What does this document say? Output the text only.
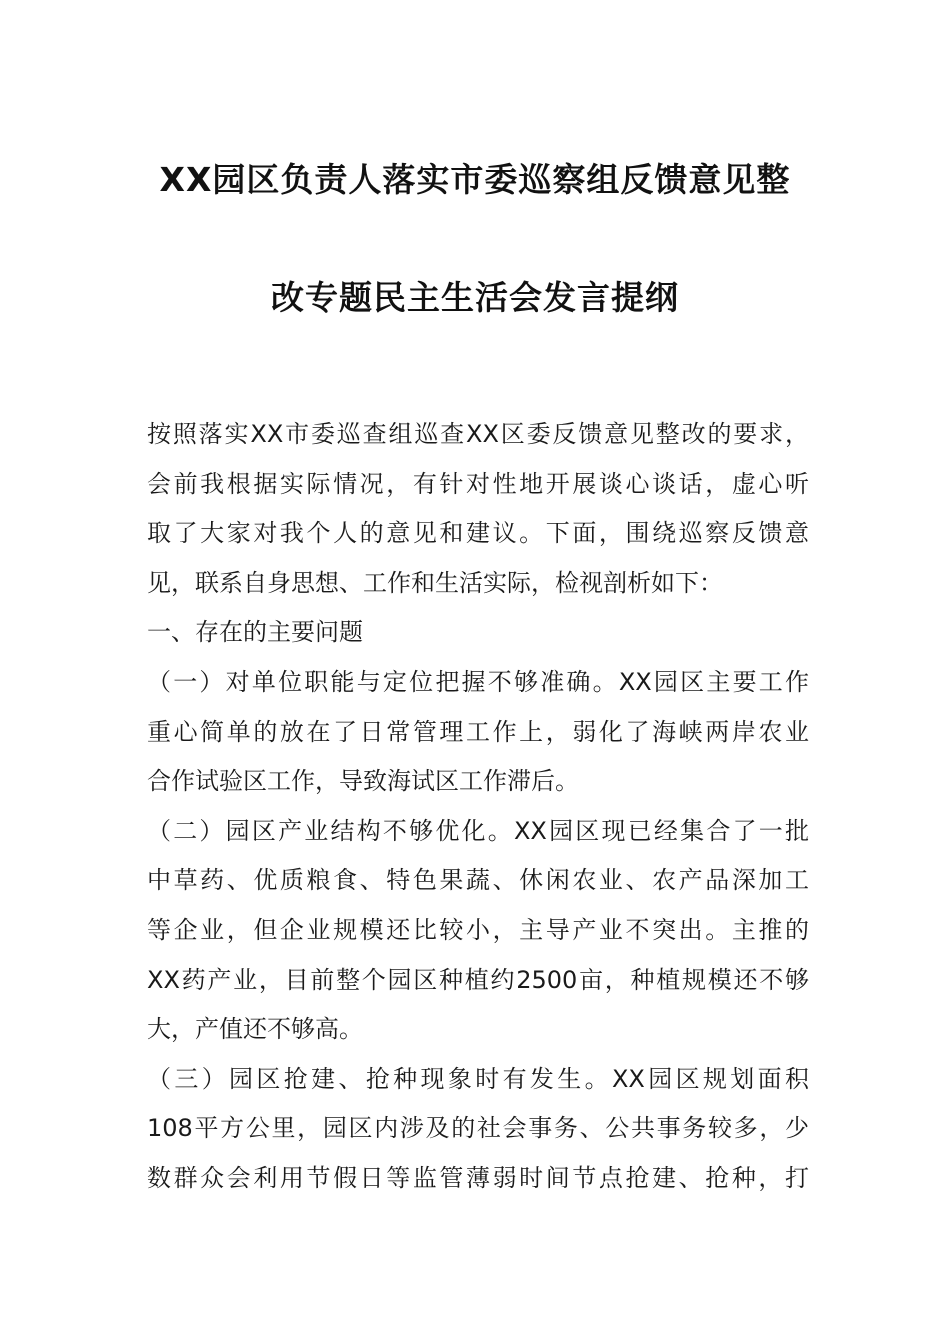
XX园区负责人落实市委巡察组反馈意见整
改专题民主生活会发言提纲
按照落实XX市委巡查组巡查XX区委反馈意见整改的要求，
会前我根据实际情况，有针对性地开展谈心谈话，虚心听
取了大家对我个人的意见和建议。下面，围绕巡察反馈意
见，联系自身思想、工作和生活实际，检视剖析如下：
一、存在的主要问题
（一）对单位职能与定位把握不够准确。XX园区主要工作
重心简单的放在了日常管理工作上，弱化了海峡两岸农业
合作试验区工作，导致海试区工作滞后。
（二）园区产业结构不够优化。XX园区现已经集合了一批
中草药、优质粮食、特色果蔬、休闲农业、农产品深加工
等企业，但企业规模还比较小，主导产业不突出。主推的
XX药产业，目前整个园区种植约2500亩，种植规模还不够
大，产值还不够高。
（三）园区抢建、抢种现象时有发生。XX园区规划面积
108平方公里，园区内涉及的社会事务、公共事务较多，少
数群众会利用节假日等监管薄弱时间节点抢建、抢种，打
